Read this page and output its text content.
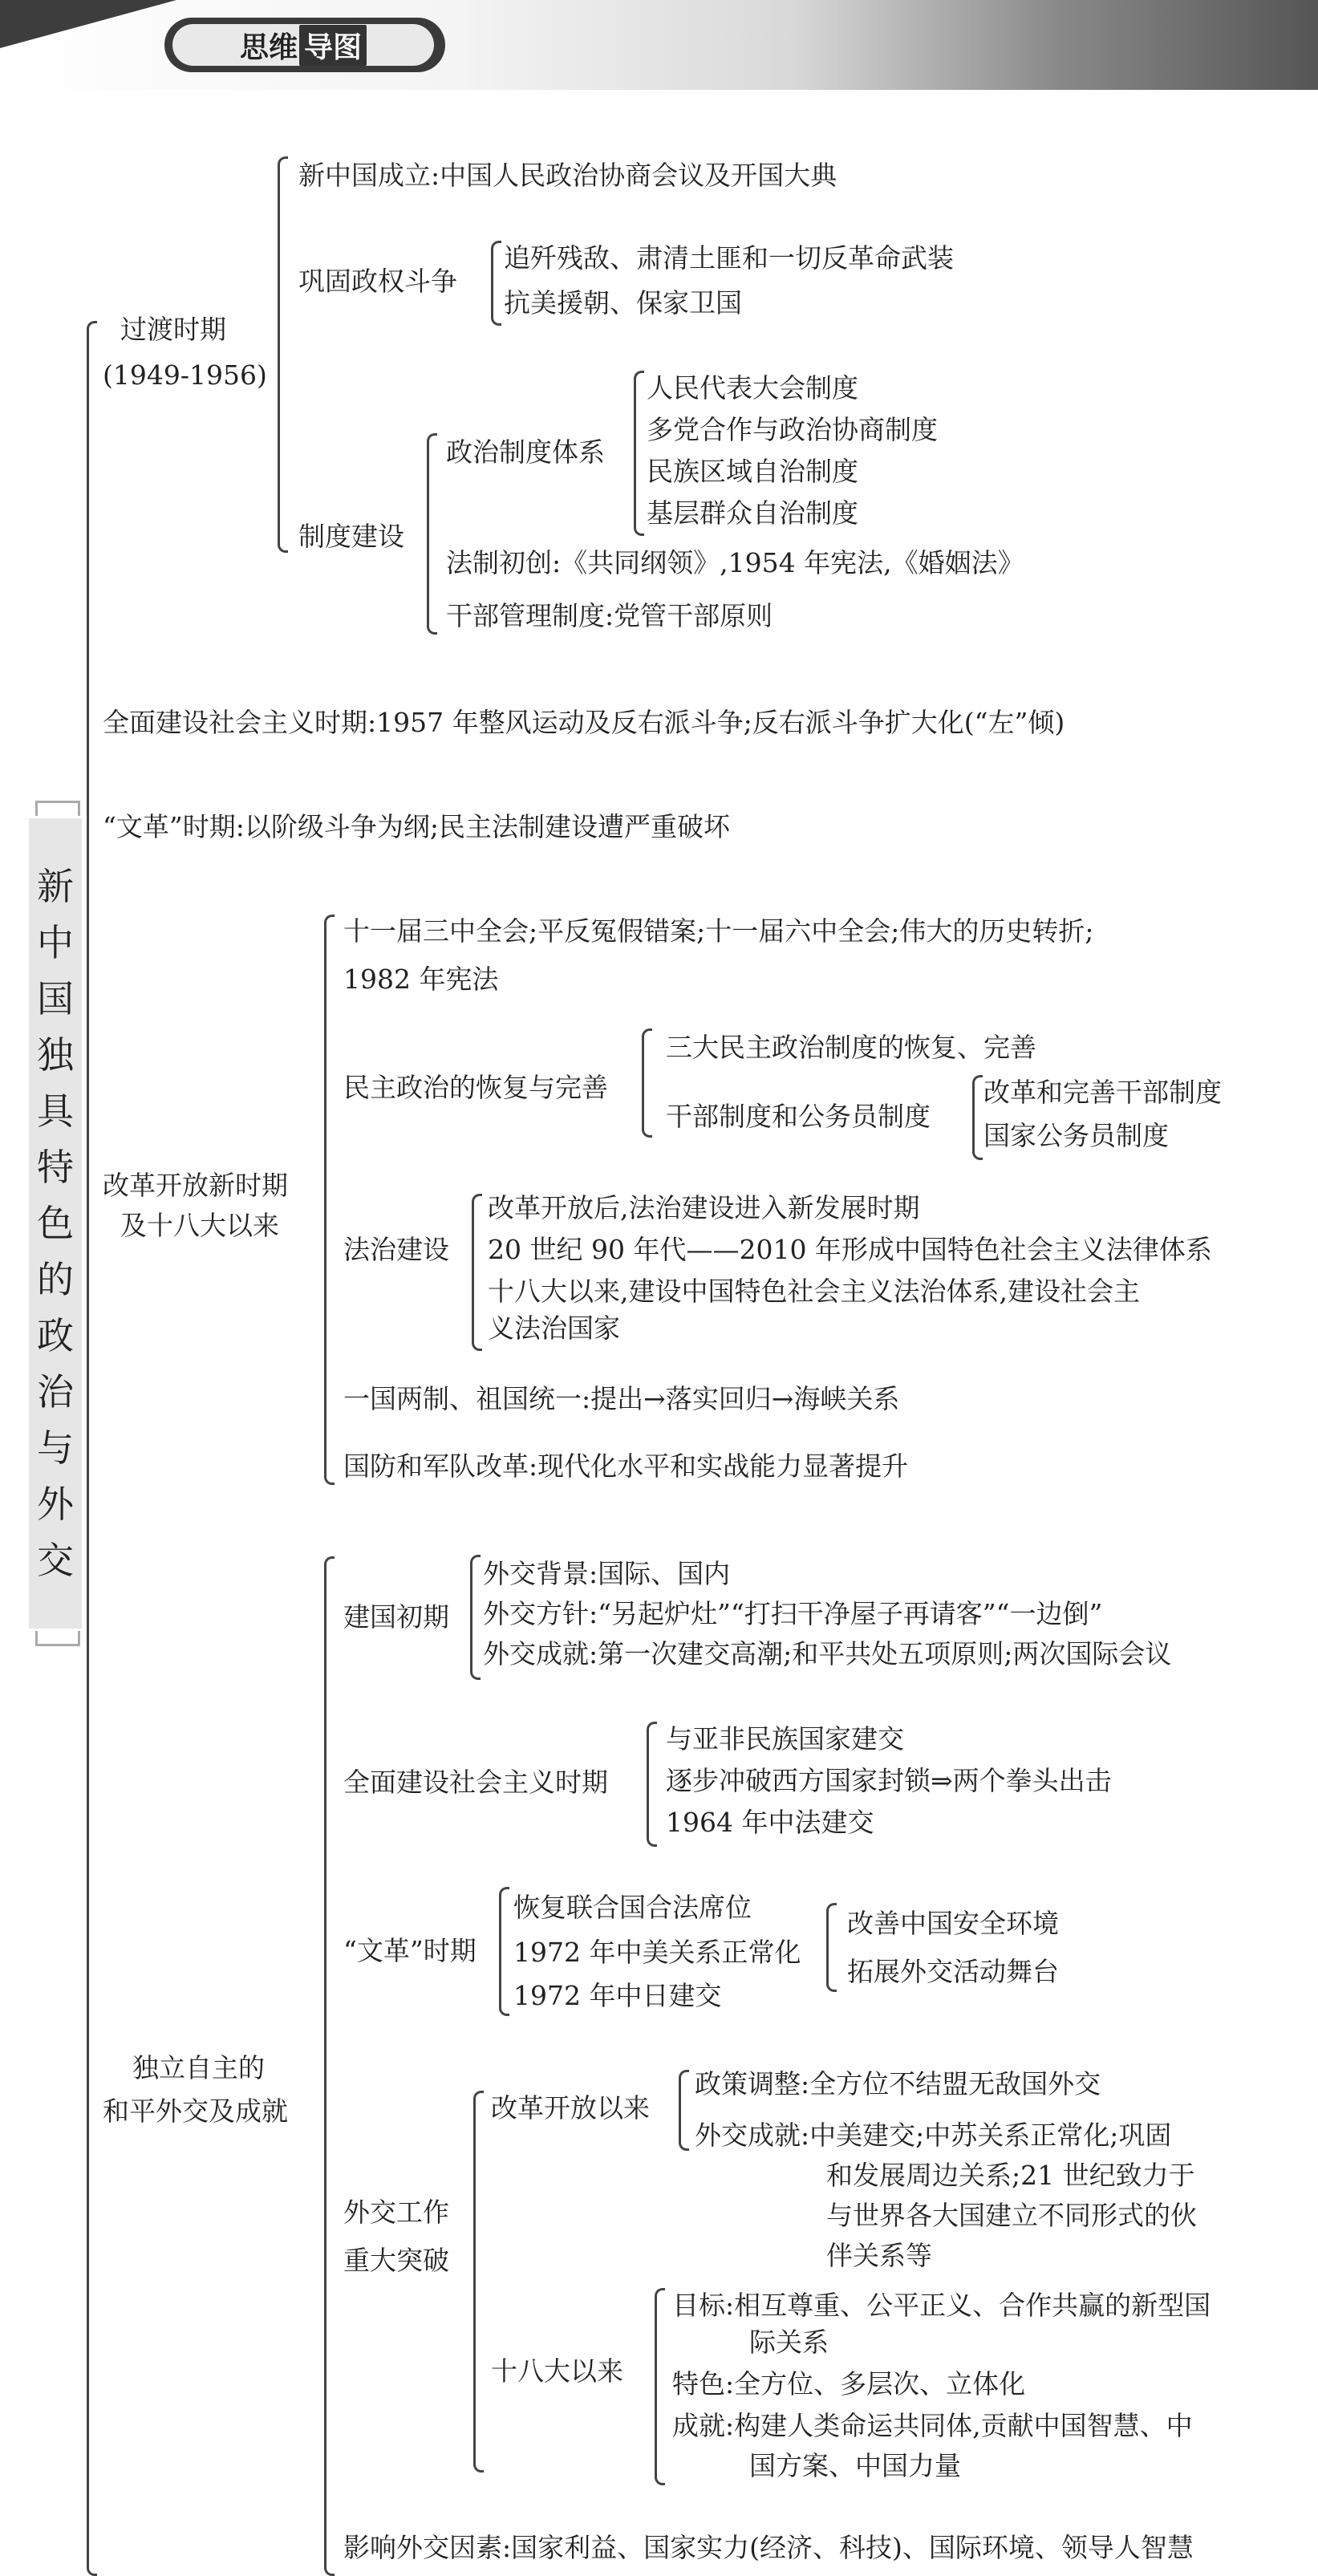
思维 导图
新
中
国
独
具
特
色
的
政
治
与
外
交
过渡时期
(1949-1956)
新中国成立:中国人民政治协商会议及开国大典
巩固政权斗争
追歼残敌、肃清土匪和一切反革命武装
抗美援朝、保家卫国
制度建设
政治制度体系
人民代表大会制度
多党合作与政治协商制度
民族区域自治制度
基层群众自治制度
法制初创:《共同纲领》,1954 年宪法,《婚姻法》
干部管理制度:党管干部原则
全面建设社会主义时期:1957 年整风运动及反右派斗争;反右派斗争扩大化(“左”倾)
“文革”时期:以阶级斗争为纲;民主法制建设遭严重破坏
改革开放新时期
及十八大以来
十一届三中全会;平反冤假错案;十一届六中全会;伟大的历史转折;
1982 年宪法
民主政治的恢复与完善
三大民主政治制度的恢复、完善
干部制度和公务员制度
改革和完善干部制度
国家公务员制度
法治建设
改革开放后,法治建设进入新发展时期
20 世纪 90 年代——2010 年形成中国特色社会主义法律体系
十八大以来,建设中国特色社会主义法治体系,建设社会主
义法治国家
一国两制、祖国统一:提出→落实回归→海峡关系
国防和军队改革:现代化水平和实战能力显著提升
独立自主的
和平外交及成就
建国初期
外交背景:国际、国内
外交方针:“另起炉灶”“打扫干净屋子再请客”“一边倒”
外交成就:第一次建交高潮;和平共处五项原则;两次国际会议
全面建设社会主义时期
与亚非民族国家建交
逐步冲破西方国家封锁⇒两个拳头出击
1964 年中法建交
“文革”时期
恢复联合国合法席位
1972 年中美关系正常化
1972 年中日建交
改善中国安全环境
拓展外交活动舞台
外交工作
重大突破
改革开放以来
政策调整:全方位不结盟无敌国外交
外交成就:中美建交;中苏关系正常化;巩固
和发展周边关系;21 世纪致力于
与世界各大国建立不同形式的伙
伴关系等
十八大以来
目标:相互尊重、公平正义、合作共赢的新型国
际关系
特色:全方位、多层次、立体化
成就:构建人类命运共同体,贡献中国智慧、中
国方案、中国力量
影响外交因素:国家利益、国家实力(经济、科技)、国际环境、领导人智慧
